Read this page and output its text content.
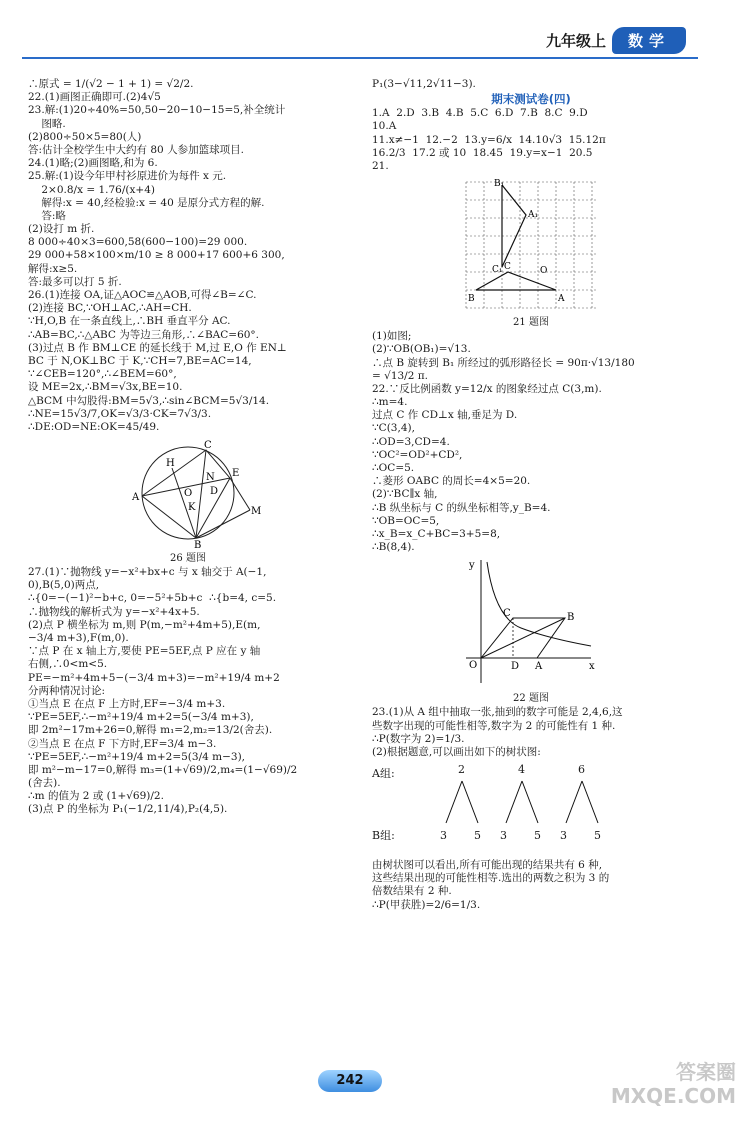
九年级上	数学
∴原式 = 1/(√2 − 1 + 1) = √2/2.
22.(1)画图正确即可.(2)4√5
23.解:(1)20÷40%=50,50−20−10−15=5,补全统计
图略.
(2)800÷50×5=80(人)
答:估计全校学生中大约有 80 人参加篮球项目.
24.(1)略;(2)画图略,和为 6.
25.解:(1)设今年甲村衫原进价为每件 x 元.
2×0.8/x = 1.76/(x+4)
解得:x = 40,经检验:x = 40 是原分式方程的解.
答:略
(2)设打 m 折.
8 000÷40×3=600,58(600−100)=29 000.
29 000+58×100×m/10 ≥ 8 000+17 600+6 300,
解得:x≥5.
答:最多可以打 5 折.
26.(1)连接 OA,证△AOC≌△AOB,可得∠B=∠C.
(2)连接 BC,∵OH⊥AC,∴AH=CH.
∵H,O,B 在一条直线上,∴BH 垂直平分 AC.
∴AB=BC,∴△ABC 为等边三角形,∴∠BAC=60°.
(3)过点 B 作 BM⊥CE 的延长线于 M,过 E,O 作 EN⊥
BC 于 N,OK⊥BC 于 K,∵CH=7,BE=AC=14,
∵∠CEB=120°,∴∠BEM=60°,
设 ME=2x,∴BM=√3x,BE=10.
△BCM 中勾股得:BM=5√3,∴sin∠BCM=5√3/14.
∴NE=15√3/7,OK=√3/3·CK=7√3/3.
∴DE:OD=NE:OK=45/49.
H
C
N E
M
A	O D
K
B
26 题图
27.(1)∵抛物线 y=−x²+bx+c 与 x 轴交于 A(−1,
0),B(5,0)两点,
∴{0=−(−1)²−b+c, 0=−5²+5b+c  ∴{b=4, c=5.
∴抛物线的解析式为 y=−x²+4x+5.
(2)点 P 横坐标为 m,则 P(m,−m²+4m+5),E(m,
−3/4 m+3),F(m,0).
∵点 P 在 x 轴上方,要使 PE=5EF,点 P 应在 y 轴
右侧,∴0<m<5.
PE=−m²+4m+5−(−3/4 m+3)=−m²+19/4 m+2
分两种情况讨论:
①当点 E 在点 F 上方时,EF=−3/4 m+3.
∵PE=5EF,∴−m²+19/4 m+2=5(−3/4 m+3),
即 2m²−17m+26=0,解得 m₁=2,m₂=13/2(舍去).
②当点 E 在点 F 下方时,EF=3/4 m−3.
∵PE=5EF,∴−m²+19/4 m+2=5(3/4 m−3),
即 m²−m−17=0,解得 m₃=(1+√69)/2,m₄=(1−√69)/2
(舍去).
∴m 的值为 2 或 (1+√69)/2.
(3)点 P 的坐标为 P₁(−1/2,11/4),P₂(4,5).
P₁(3−√11,2√11−3).
期末测试卷(四)
1.A  2.D  3.B  4.B  5.C  6.D  7.B  8.C  9.D
10.A
11.x≠−1  12.−2  13.y=6/x  14.10√3  15.12π
16.2/3  17.2 或 10  18.45  19.y=x−1  20.5
21.
B₁
A₁
C₁	O
B
C
A
21 题图
(1)如图;
(2)∵OB(OB₁)=√13.
∴点 B 旋转到 B₁ 所经过的弧形路径长 = 90π·√13/180
= √13/2 π.
22.∵反比例函数 y=12/x 的图象经过点 C(3,m).
∴m=4.
过点 C 作 CD⊥x 轴,垂足为 D.
∵C(3,4),
∴OD=3,CD=4.
∵OC²=OD²+CD²,
∴OC=5.
∴菱形 OABC 的周长=4×5=20.
(2)∵BC∥x 轴,
∴B 纵坐标与 C 的纵坐标相等,y_B=4.
∵OB=OC=5,
∴x_B=x_C+BC=3+5=8,
∴B(8,4).
y
C	B
O	D A	x
22 题图
23.(1)从 A 组中抽取一张,抽到的数字可能是 2,4,6,这
些数字出现的可能性相等,数字为 2 的可能性有 1 种.
∴P(数字为 2)=1/3.
(2)根据题意,可以画出如下的树状图:
A组:
B组:
2	4	6
3 5 3 5 3 5
由树状图可以看出,所有可能出现的结果共有 6 种,
这些结果出现的可能性相等.选出的两数之积为 3 的
倍数结果有 2 种.
∴P(甲获胜)=2/6=1/3.
242	答案圈
MXQE.COM
